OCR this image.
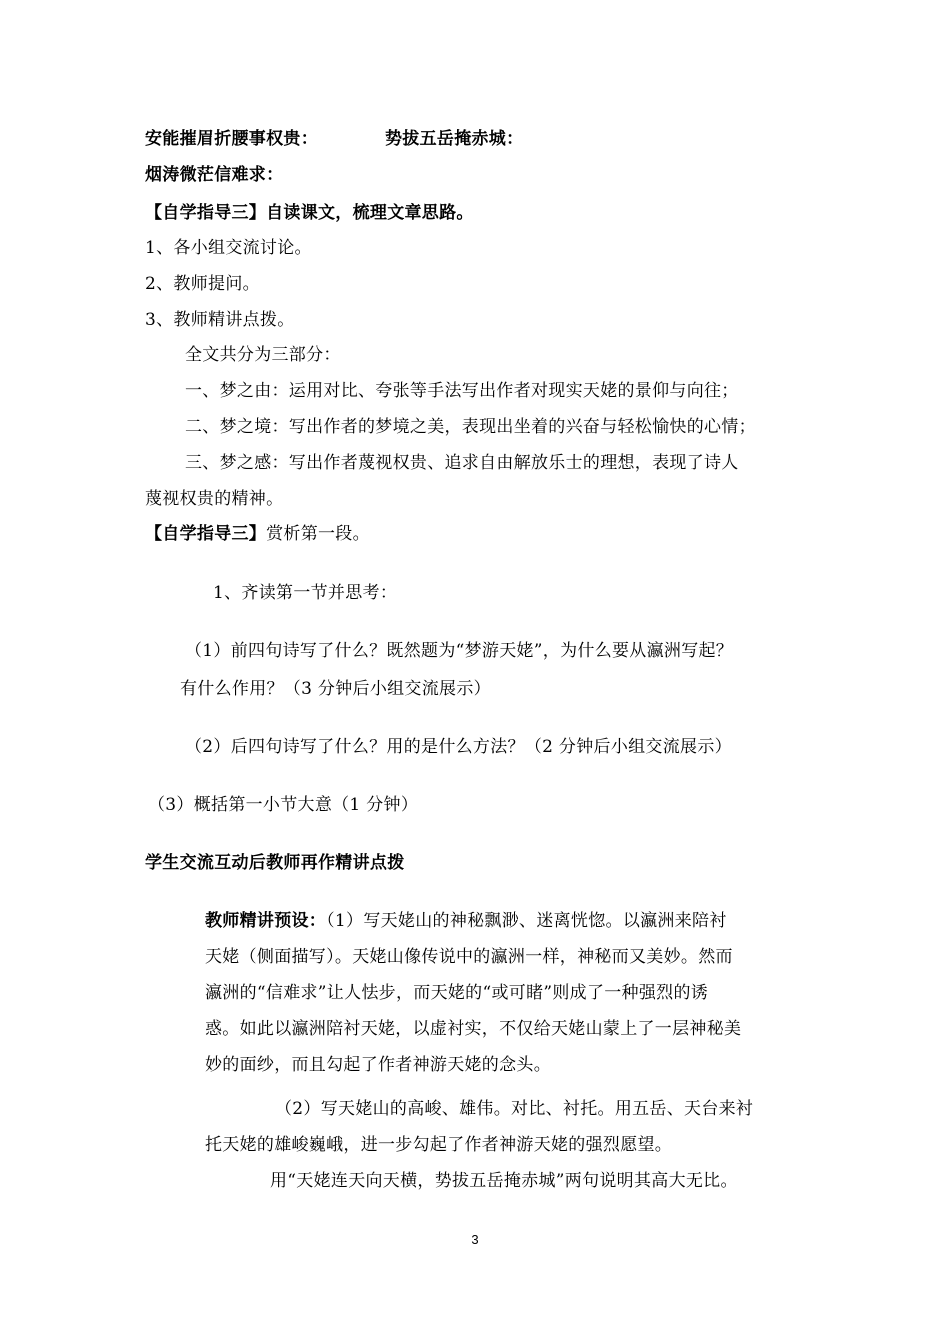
安能摧眉折腰事权贵：	势拔五岳掩赤城：
烟涛微茫信难求：
【自学指导三】自读课文，梳理文章思路。
1、各小组交流讨论。
2、教师提问。
3、教师精讲点拨。
全文共分为三部分：
一、梦之由：运用对比、夸张等手法写出作者对现实天姥的景仰与向往；
二、梦之境：写出作者的梦境之美，表现出坐着的兴奋与轻松愉快的心情；
三、梦之感：写出作者蔑视权贵、追求自由解放乐士的理想，表现了诗人
蔑视权贵的精神。
【自学指导三】赏析第一段。
1、齐读第一节并思考：
（1）前四句诗写了什么？既然题为“梦游天姥”，为什么要从瀛洲写起？
有什么作用？（3 分钟后小组交流展示）
（2）后四句诗写了什么？用的是什么方法？（2 分钟后小组交流展示）
（3）概括第一小节大意（1 分钟）
学生交流互动后教师再作精讲点拨
教师精讲预设：（1）写天姥山的神秘飘渺、迷离恍惚。以瀛洲来陪衬
天姥（侧面描写）。天姥山像传说中的瀛洲一样，神秘而又美妙。然而
瀛洲的“信难求”让人怯步，而天姥的“或可睹”则成了一种强烈的诱
惑。如此以瀛洲陪衬天姥，以虚衬实，不仅给天姥山蒙上了一层神秘美
妙的面纱，而且勾起了作者神游天姥的念头。
（2）写天姥山的高峻、雄伟。对比、衬托。用五岳、天台来衬
托天姥的雄峻巍峨，进一步勾起了作者神游天姥的强烈愿望。
用“天姥连天向天横，势拔五岳掩赤城”两句说明其高大无比。
3
